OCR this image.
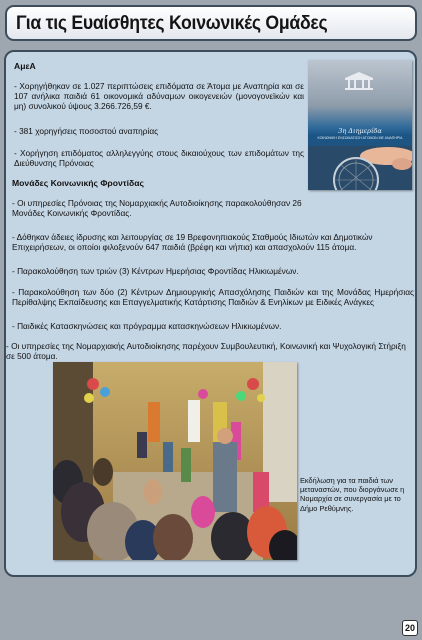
Για τις Ευαίσθητες Κοινωνικές Ομάδες
ΑμεΑ
- Χορηγήθηκαν σε 1.027 περιπτώσεις επιδόματα σε Άτομα με Αναπηρία και σε 107 ανήλικα παιδιά 61 οικονομικά αδύναμων οικογενειών (μονογονεϊκών και μη) συνολικού ύψους 3.266.726,59 €.
- 381 χορηγήσεις ποσοστού αναπηρίας
- Χορήγηση επιδόματος αλληλεγγύης στους δικαιούχους των επιδομάτων της Διεύθυνσης Πρόνοιας
Μονάδες Κοινωνικής Φροντίδας
- Οι υπηρεσίες Πρόνοιας της Νομαρχιακής Αυτοδιοίκησης παρακολούθησαν 26 Μονάδες Κοινωνικής Φροντίδας.
- Δόθηκαν άδειες ίδρυσης και λειτουργίας σε 19 Βρεφονηπιακούς Σταθμούς Ιδιωτών και Δημοτικών Επιχειρήσεων, οι οποίοι φιλοξενούν 647 παιδιά (βρέφη και νήπια) και απασχολούν 115 άτομα.
- Παρακολούθηση των τριών (3) Κέντρων Ημερήσιας Φροντίδας Ηλικιωμένων.
- Παρακολούθηση των δύο (2) Κέντρων Δημιουργικής Απασχόλησης Παιδιών και της Μονάδας Ημερήσιας Περίθαλψης Εκπαίδευσης και Επαγγελματικής Κατάρτισης Παιδιών & Ενηλίκων με Ειδικές Ανάγκες
- Παιδικές Κατασκηνώσεις και πρόγραμμα κατασκηνώσεων Ηλικιωμένων.
- Οι υπηρεσίες της Νομαρχιακής Αυτοδιοίκησης παρέχουν Συμβουλευτική, Κοινωνική και Ψυχολογική Στήριξη σε 500 άτομα.
3η Διημερίδα
ΚΟΙΝΩΝΙΚΗ ΕΝΣΩΜΑΤΩΣΗ ΑΤΟΜΩΝ ΜΕ ΑΝΑΠΗΡΙΑ
Εκδήλωση για τα παιδιά των μεταναστών, που διοργάνωσε η Νομαρχία σε συνεργασία με το Δήμο Ρεθύμνης.
20
